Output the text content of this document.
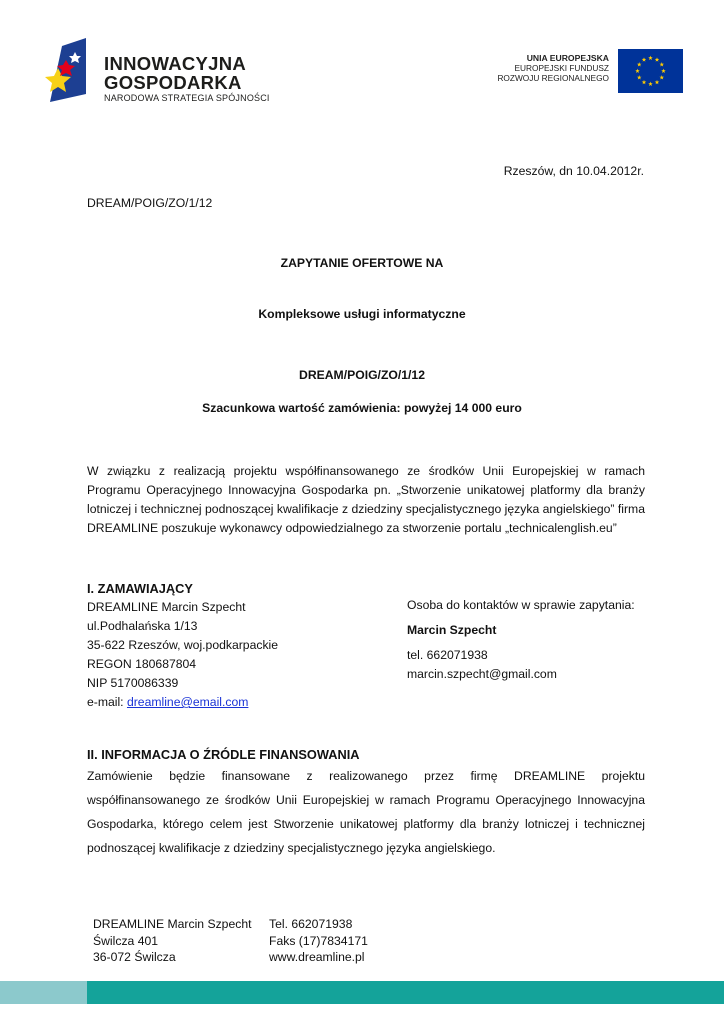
INNOWACYJNA
GOSPODARKA
NARODOWA STRATEGIA SPÓJNOŚCI
UNIA EUROPEJSKA
EUROPEJSKI FUNDUSZ
ROZWOJU REGIONALNEGO
Rzeszów, dn 10.04.2012r.
DREAM/POIG/ZO/1/12
ZAPYTANIE OFERTOWE NA
Kompleksowe usługi informatyczne
DREAM/POIG/ZO/1/12
Szacunkowa wartość zamówienia: powyżej 14 000 euro

W związku z realizacją projektu współfinansowanego ze środków Unii Europejskiej w ramach Programu Operacyjnego Innowacyjna Gospodarka pn. „Stworzenie unikatowej platformy dla branży lotniczej i technicznej podnoszącej kwalifikacje z dziedziny specjalistycznego języka angielskiego” firma DREAMLINE poszukuje wykonawcy odpowiedzialnego za stworzenie portalu „technicalenglish.eu”

I. ZAMAWIAJĄCY
DREAMLINE Marcin Szpecht
ul.Podhalańska 1/13
35-622 Rzeszów, woj.podkarpackie
REGON 180687804
NIP 5170086339
e-mail: dreamline@email.com
Osoba do kontaktów w sprawie zapytania:
Marcin Szpecht
tel. 662071938
marcin.szpecht@gmail.com
II. INFORMACJA O ŹRÓDLE FINANSOWANIA
Zamówienie będzie finansowane z realizowanego przez firmę DREAMLINE projektu współfinansowanego ze środków Unii Europejskiej w ramach Programu Operacyjnego Innowacyjna Gospodarka, którego celem jest Stworzenie unikatowej platformy dla branży lotniczej i technicznej podnoszącej kwalifikacje z dziedziny specjalistycznego języka angielskiego.
DREAMLINE Marcin Szpecht
Świlcza 401
36-072 Świlcza
Tel. 662071938
Faks (17)7834171
www.dreamline.pl
